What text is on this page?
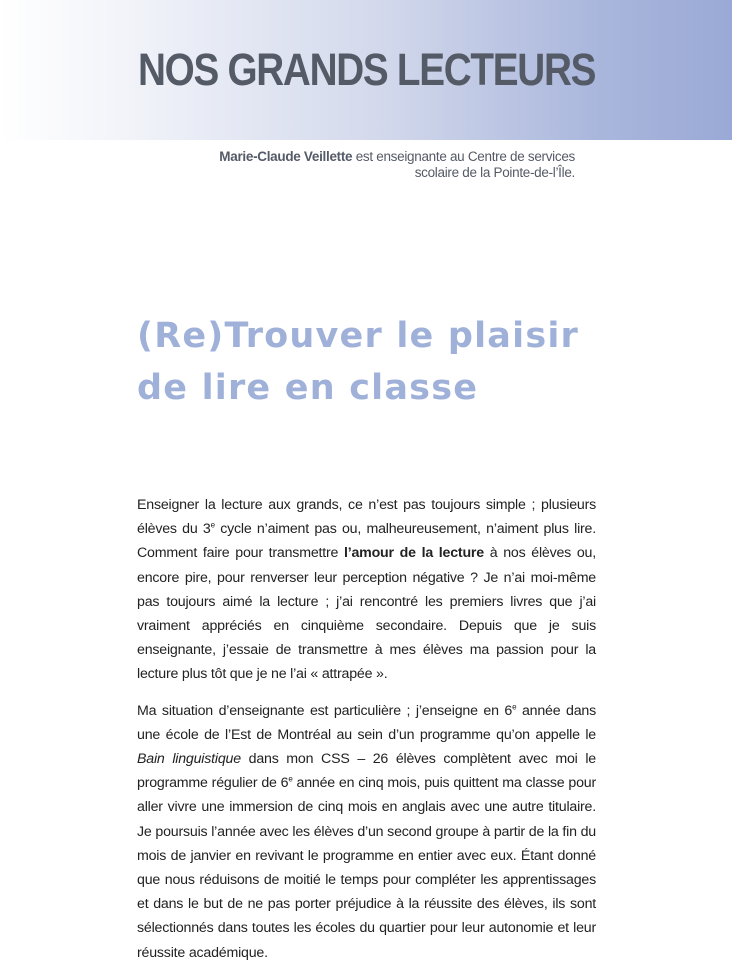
NOS GRANDS LECTEURS

Marie-Claude Veillette est enseignante au Centre de services
scolaire de la Pointe-de-l’Île.

(Re)Trouver le plaisir
de lire en classe

Enseigner la lecture aux grands, ce n’est pas toujours simple ; plusieurs élèves du 3e cycle n’aiment pas ou, malheureusement, n’aiment plus lire. Comment faire pour transmettre l’amour de la lecture à nos élèves ou, encore pire, pour renverser leur perception négative ? Je n’ai moi-même pas toujours aimé la lecture ; j’ai rencontré les premiers livres que j’ai vraiment appréciés en cinquième secondaire. Depuis que je suis enseignante, j’essaie de transmettre à mes élèves ma passion pour la lecture plus tôt que je ne l’ai « attrapée ».

Ma situation d’enseignante est particulière ; j’enseigne en 6e année dans une école de l’Est de Montréal au sein d’un programme qu’on appelle le Bain linguistique dans mon CSS – 26 élèves complètent avec moi le programme régulier de 6e année en cinq mois, puis quittent ma classe pour aller vivre une immersion de cinq mois en anglais avec une autre titulaire. Je poursuis l’année avec les élèves d’un second groupe à partir de la fin du mois de janvier en revivant le programme en entier avec eux. Étant donné que nous réduisons de moitié le temps pour compléter les apprentissages et dans le but de ne pas porter préjudice à la réussite des élèves, ils sont sélectionnés dans toutes les écoles du quartier pour leur autonomie et leur réussite académique.
